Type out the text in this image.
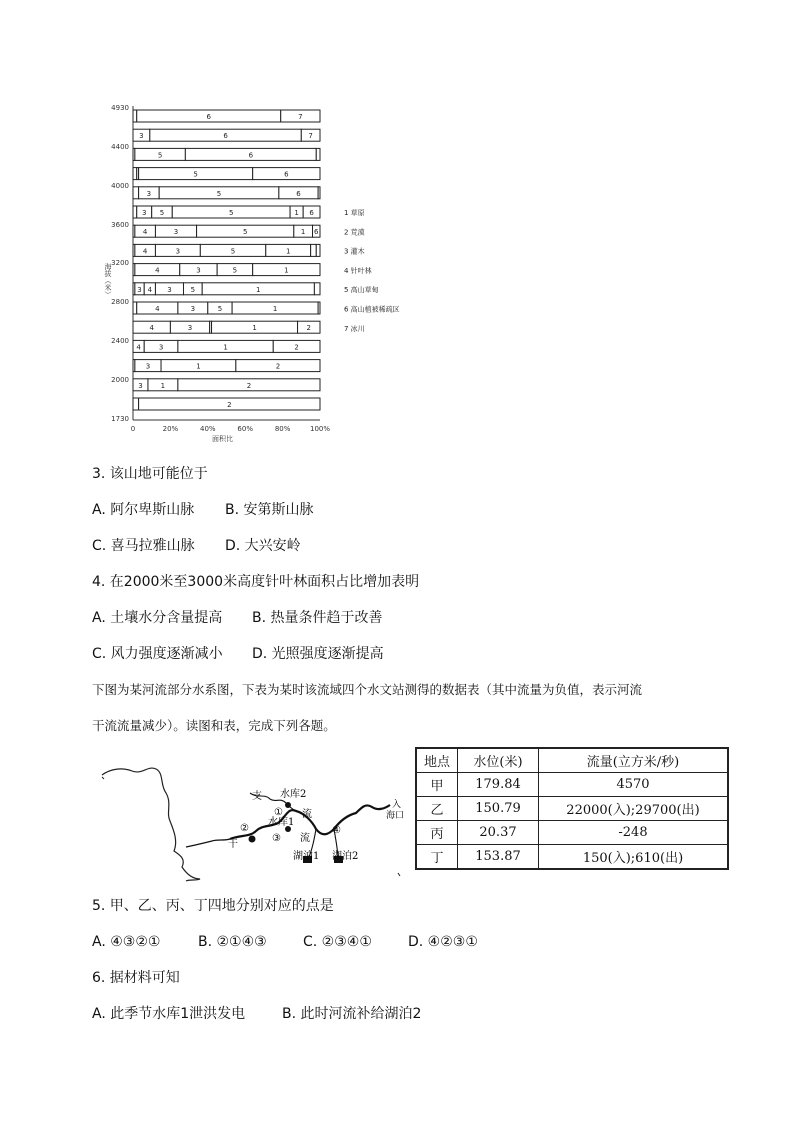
0	20%	40%	60%	80%	100%
面积比
1730
2000
2400
2800
3200
3600
4000
4400
4930
海拔（米）
6	7
3	6	7
5	6
5	6
3	5	6
3 5	5	1 6
4	3	5	1 6
4	3	5	1
4	3	5	1
3 4 3	5	1
4	3	5	1
4	3	1	2
4	3	1	2
3	1	2
3	1	2
2
1 草原
2 荒漠
3 灌木
4 针叶林
5 高山草甸
6 高山植被稀疏区
7 冰川
3. 该山地可能位于
A. 阿尔卑斯山脉 B. 安第斯山脉
C. 喜马拉雅山脉 D. 大兴安岭
4. 在2000米至3000米高度针叶林面积占比增加表明
A. 土壤水分含量提高 B. 热量条件趋于改善
C. 风力强度逐渐减小 D. 光照强度逐渐提高

下图为某河流部分水系图，下表为某时该流域四个水文站测得的数据表（其中流量为负值，表示河流

干流流量减少）。读图和表，完成下列各题。

支 水库2
① 流
水库1
③ 流
②
干
④
湖泊1 湖泊2
入
海口
地点	水位(米)	流量(立方米/秒)
甲	179.84	4570
乙	150.79	22000(入);29700(出)
丙	20.37	-248
丁	153.87	150(入);610(出)
5. 甲、乙、丙、丁四地分别对应的点是
A. ④③②①	B. ②①④③	C. ②③④①	D. ④②③①
6. 据材料可知
A. 此季节水库1泄洪发电	B. 此时河流补给湖泊2
